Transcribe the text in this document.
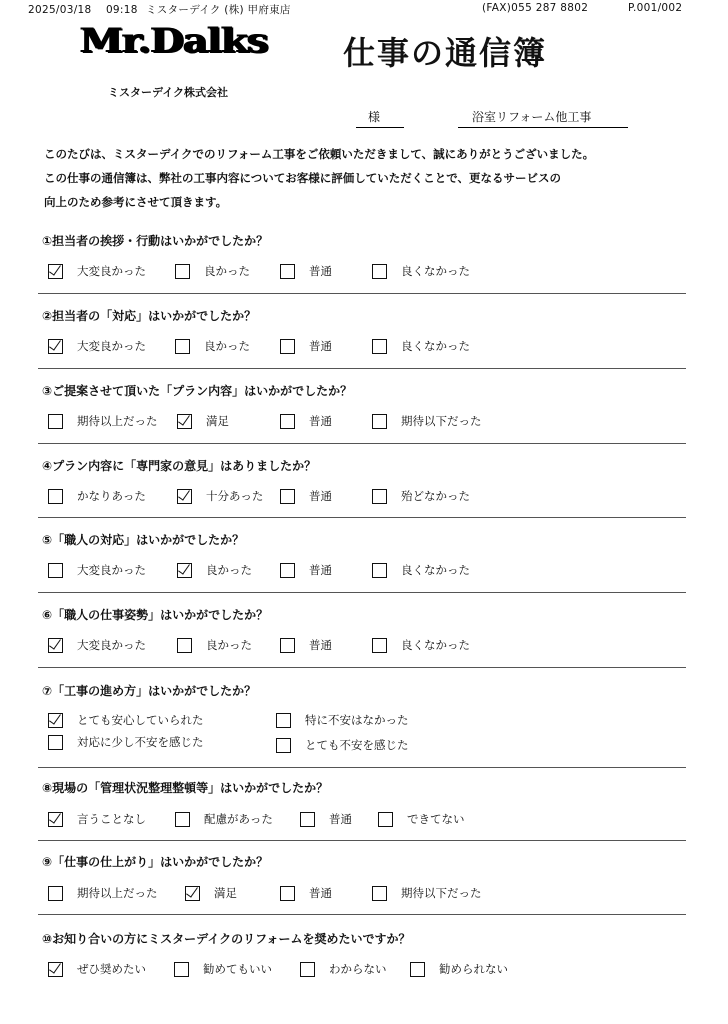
2025/03/18　 09:18 ミスターデイク (株) 甲府東店	(FAX)055 287 8802	P.001/002
Mr.Dalks	仕事の通信簿
ミスターデイク株式会社
様	浴室リフォーム他工事

このたびは、ミスターデイクでのリフォーム工事をご依頼いただきまして、誠にありがとうございました。

この仕事の通信簿は、弊社の工事内容についてお客様に評価していただくことで、更なるサービスの

向上のため参考にさせて頂きます。

①担当者の挨拶・行動はいかがでしたか？
大変良かった	良かった	普通	良くなかった
②担当者の「対応」はいかがでしたか？
大変良かった	良かった	普通	良くなかった
③ご提案させて頂いた「プラン内容」はいかがでしたか？
期待以上だった	満足	普通	期待以下だった
④プラン内容に「専門家の意見」はありましたか？
かなりあった	十分あった	普通	殆どなかった
⑤「職人の対応」はいかがでしたか？
大変良かった	良かった	普通	良くなかった
⑥「職人の仕事姿勢」はいかがでしたか？
大変良かった	良かった	普通	良くなかった
⑦「工事の進め方」はいかがでしたか？
とても安心していられた	特に不安はなかった
対応に少し不安を感じた	とても不安を感じた
⑧現場の「管理状況整理整頓等」はいかがでしたか？
言うことなし	配慮があった	普通	できてない
⑨「仕事の仕上がり」はいかがでしたか？
期待以上だった	満足	普通	期待以下だった
⑩お知り合いの方にミスターデイクのリフォームを奨めたいですか？
ぜひ奨めたい	勧めてもいい	わからない	勧められない
